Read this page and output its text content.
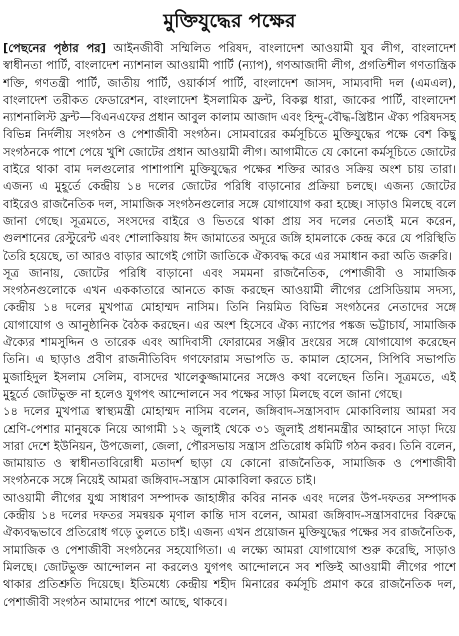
মুক্তিযুদ্ধের পক্ষের

[পেছনের পৃষ্ঠার পর] আইনজীবী সম্মিলিত পরিষদ, বাংলাদেশ আওয়ামী যুব লীগ, বাংলাদেশ স্বাধীনতা পার্টি, বাংলাদেশ ন্যাশনাল আওয়ামী পার্টি (ন্যাপ), গণআজাদী লীগ, প্রগতিশীল গণতান্ত্রিক শক্তি, গণতন্ত্রী পার্টি, জাতীয় পার্টি, ওয়ার্কার্স পার্টি, বাংলাদেশ জাসদ, সাম্যবাদী দল (এমএল), বাংলাদেশ তরীকত ফেডারেশন, বাংলাদেশ ইসলামিক ফ্রন্ট, বিকল্প ধারা, জাকের পার্টি, বাংলাদেশ ন্যাশনালিস্ট ফ্রন্ট—বিএনএফের প্রধান আবুল কালাম আজাদ এবং হিন্দু-বৌদ্ধ-খ্রিষ্টান ঐক্য পরিষদসহ বিভিন্ন নির্দলীয় সংগঠন ও পেশাজীবী সংগঠন। সোমবারের কর্মসূচিতে মুক্তিযুদ্ধের পক্ষে বেশ কিছু সংগঠনকে পাশে পেয়ে খুশি জোটের প্রধান আওয়ামী লীগ। আগামীতে যে কোনো কর্মসূচিতে জোটের বাইরে থাকা বাম দলগুলোর পাশাপাশি মুক্তিযুদ্ধের পক্ষের শক্তির আরও সক্রিয় অংশ চায় তারা। এজন্য এ মুহূর্তে কেন্দ্রীয় ১৪ দলের জোটের পরিধি বাড়ানোর প্রক্রিয়া চলছে। এজন্য জোটের বাইরেও রাজনৈতিক দল, সামাজিক সংগঠনগুলোর সঙ্গে যোগাযোগ করা হচ্ছে। সাড়াও মিলছে বলে জানা গেছে। সূত্রমতে, সংসদের বাইরে ও ভিতরে থাকা প্রায় সব দলের নেতাই মনে করেন, গুলশানের রেস্টুরেন্ট এবং শোলাকিয়ায় ঈদ জামাতের অদূরে জঙ্গি হামলাকে কেন্দ্র করে যে পরিস্থিতি তৈরি হয়েছে, তা আরও বাড়ার আগেই গোটা জাতিকে ঐক্যবদ্ধ করে এর সমাধান করা অতি জরুরি।

সূত্র জানায়, জোটের পরিধি বাড়ানো এবং সমমনা রাজনৈতিক, পেশাজীবী ও সামাজিক সংগঠনগুলোকে এখন এককাতারে আনতে কাজ করছেন আওয়ামী লীগের প্রেসিডিয়াম সদস্য, কেন্দ্রীয় ১৪ দলের মুখপাত্র মোহাম্মদ নাসিম। তিনি নিয়মিত বিভিন্ন সংগঠনের নেতাদের সঙ্গে যোগাযোগ ও আনুষ্ঠানিক বৈঠক করছেন। এর অংশ হিসেবে ঐক্য ন্যাপের পঙ্কজ ভট্টাচার্য, সামাজিক ঐক্যের শামসুদ্দিন ও তারেক এবং আদিবাসী ফোরামের সঞ্জীব দ্রংয়ের সঙ্গে যোগাযোগ করেছেন তিনি। এ ছাড়াও প্রবীণ রাজনীতিবিদ গণফোরাম সভাপতি ড. কামাল হোসেন, সিপিবি সভাপতি মুজাহিদুল ইসলাম সেলিম, বাসদের খালেকুজ্জামানের সঙ্গেও কথা বলেছেন তিনি। সূত্রমতে, এই মুহূর্তে জোটভুক্ত না হলেও যুগপৎ আন্দোলনে সব পক্ষের সাড়া মিলছে বলে জানা গেছে।

১৪ দলের মুখপাত্র স্বাস্থ্যমন্ত্রী মোহাম্মদ নাসিম বলেন, জঙ্গিবাদ-সন্ত্রাসবাদ মোকাবিলায় আমরা সব শ্রেণি-পেশার মানুষকে নিয়ে আগামী ১২ জুলাই থেকে ৩১ জুলাই প্রধানমন্ত্রীর আহ্বানে সাড়া দিয়ে সারা দেশে ইউনিয়ন, উপজেলা, জেলা, পৌরসভায় সন্ত্রাস প্রতিরোধ কমিটি গঠন করব। তিনি বলেন, জামায়াত ও স্বাধীনতাবিরোধী মতাদর্শ ছাড়া যে কোনো রাজনৈতিক, সামাজিক ও পেশাজীবী সংগঠনকে সঙ্গে নিয়েই আমরা জঙ্গিবাদ-সন্ত্রাস মোকাবিলা করতে চাই।

আওয়ামী লীগের যুগ্ম সাধারণ সম্পাদক জাহাঙ্গীর কবির নানক এবং দলের উপ-দফতর সম্পাদক কেন্দ্রীয় ১৪ দলের দফতর সমন্বয়ক মৃণাল কান্তি দাস বলেন, আমরা জঙ্গিবাদ-সন্ত্রাসবাদের বিরুদ্ধে ঐক্যবদ্ধভাবে প্রতিরোধ গড়ে তুলতে চাই। এজন্য এখন প্রয়োজন মুক্তিযুদ্ধের পক্ষের সব রাজনৈতিক, সামাজিক ও পেশাজীবী সংগঠনের সহযোগিতা। এ লক্ষ্যে আমরা যোগাযোগ শুরু করেছি, সাড়াও মিলছে। জোটভুক্ত আন্দোলন না করলেও যুগপৎ আন্দোলনে সব শক্তিই আওয়ামী লীগের পাশে থাকার প্রতিশ্রুতি দিয়েছে। ইতিমধ্যে কেন্দ্রীয় শহীদ মিনারের কর্মসূচি প্রমাণ করে রাজনৈতিক দল, পেশাজীবী সংগঠন আমাদের পাশে আছে, থাকবে।
